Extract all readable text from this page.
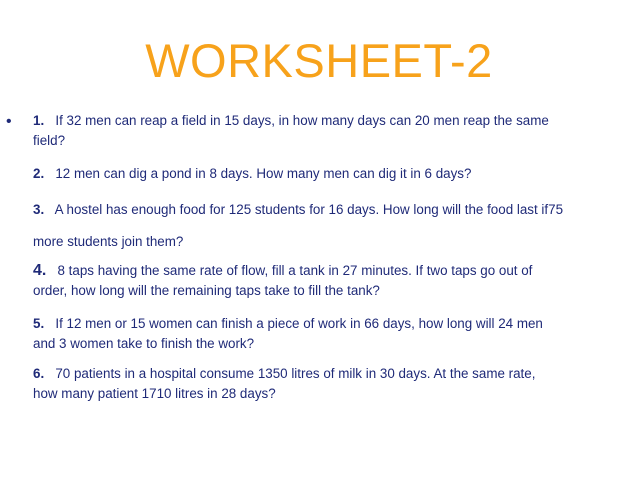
WORKSHEET-2
• 1. If 32 men can reap a field in 15 days, in how many days can 20 men reap the same
field?
2. 12 men can dig a pond in 8 days. How many men can dig it in 6 days?
3. A hostel has enough food for 125 students for 16 days. How long will the food last if75
more students join them?
4. 8 taps having the same rate of flow, fill a tank in 27 minutes. If two taps go out of
order, how long will the remaining taps take to fill the tank?
5. If 12 men or 15 women can finish a piece of work in 66 days, how long will 24 men
and 3 women take to finish the work?
6. 70 patients in a hospital consume 1350 litres of milk in 30 days. At the same rate,
how many patient 1710 litres in 28 days?
